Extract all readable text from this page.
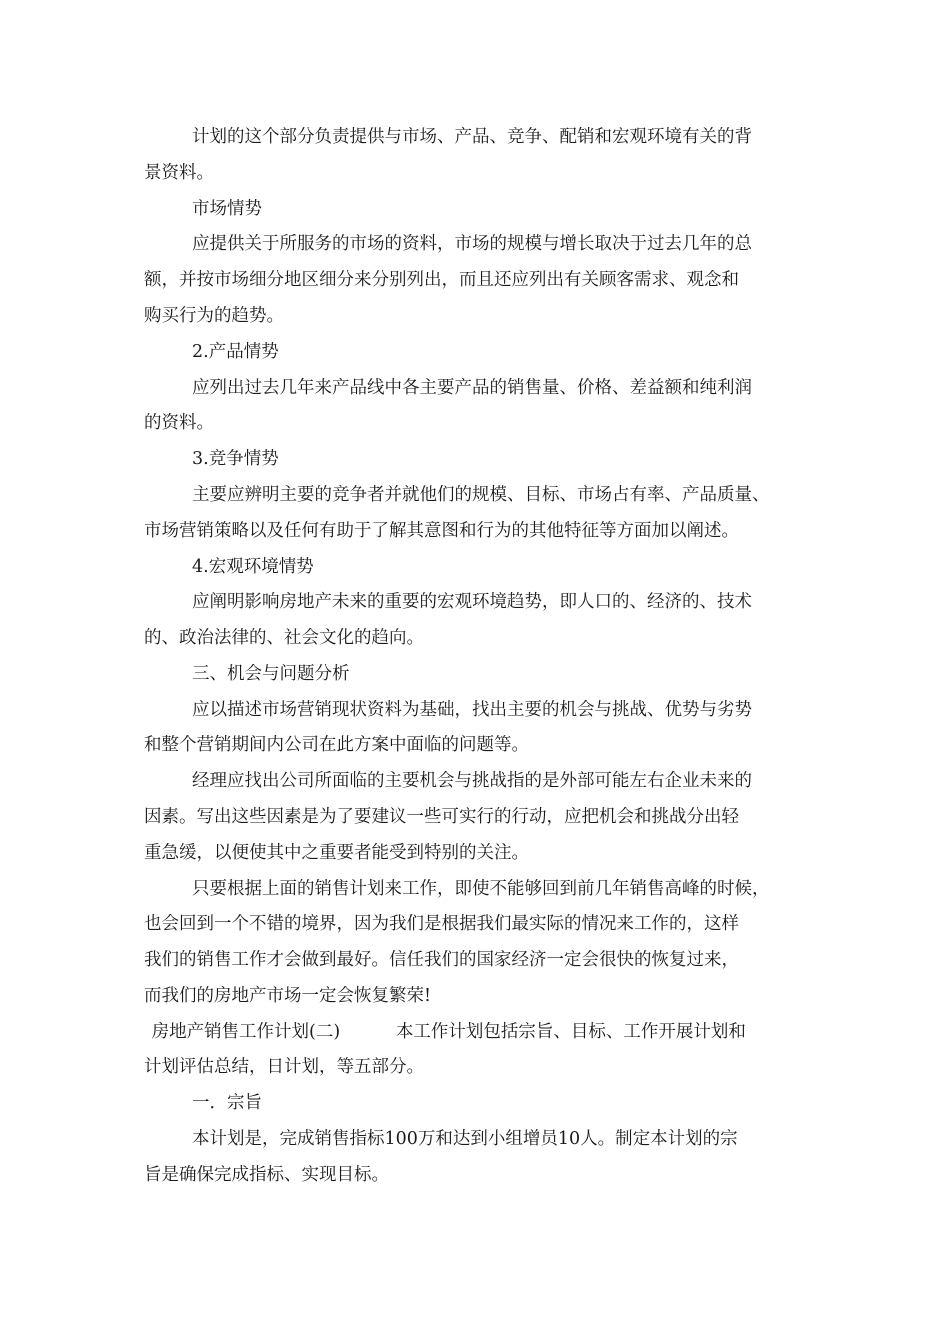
计划的这个部分负责提供与市场、产品、竞争、配销和宏观环境有关的背

景资料。

市场情势

应提供关于所服务的市场的资料，市场的规模与增长取决于过去几年的总

额，并按市场细分地区细分来分别列出，而且还应列出有关顾客需求、观念和

购买行为的趋势。

2.产品情势

应列出过去几年来产品线中各主要产品的销售量、价格、差益额和纯利润

的资料。

3.竞争情势

主要应辨明主要的竞争者并就他们的规模、目标、市场占有率、产品质量、

市场营销策略以及任何有助于了解其意图和行为的其他特征等方面加以阐述。

4.宏观环境情势

应阐明影响房地产未来的重要的宏观环境趋势，即人口的、经济的、技术

的、政治法律的、社会文化的趋向。

三、机会与问题分析

应以描述市场营销现状资料为基础，找出主要的机会与挑战、优势与劣势

和整个营销期间内公司在此方案中面临的问题等。

经理应找出公司所面临的主要机会与挑战指的是外部可能左右企业未来的

因素。写出这些因素是为了要建议一些可实行的行动，应把机会和挑战分出轻

重急缓，以便使其中之重要者能受到特别的关注。

只要根据上面的销售计划来工作，即使不能够回到前几年销售高峰的时候，

也会回到一个不错的境界，因为我们是根据我们最实际的情况来工作的，这样

我们的销售工作才会做到最好。信任我们的国家经济一定会很快的恢复过来，

而我们的房地产市场一定会恢复繁荣!

房地产销售工作计划(二)          本工作计划包括宗旨、目标、工作开展计划和

计划评估总结，日计划，等五部分。

一．宗旨

本计划是，完成销售指标100万和达到小组增员10人。制定本计划的宗

旨是确保完成指标、实现目标。
